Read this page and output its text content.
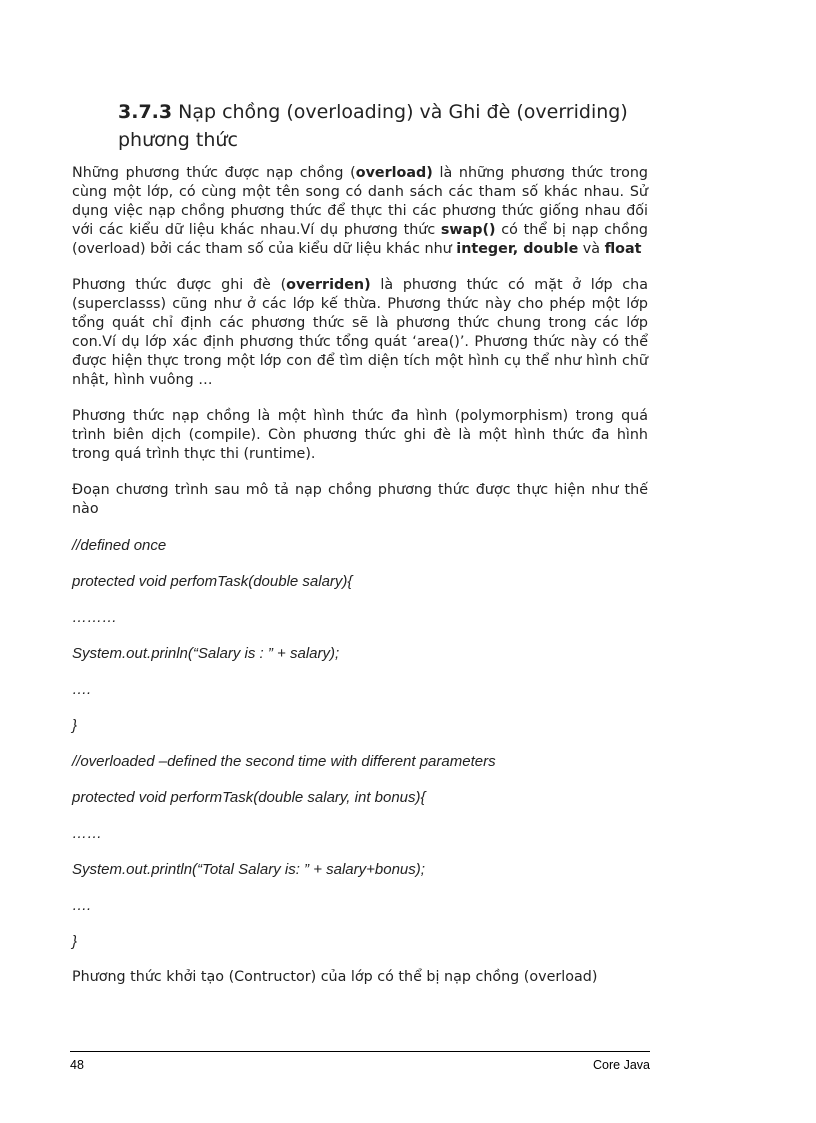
3.7.3 Nạp chồng (overloading) và Ghi đè (overriding) phương thức

Những phương thức được nạp chồng (overload) là những phương thức trong cùng một lớp, có cùng một tên song có danh sách các tham số khác nhau. Sử dụng việc nạp chồng phương thức để thực thi các phương thức giống nhau đối với các kiểu dữ liệu khác nhau.Ví dụ phương thức swap() có thể bị nạp chồng (overload) bởi các tham số của kiểu dữ liệu khác như integer, double và float

Phương thức được ghi đè (overriden) là phương thức có mặt ở lớp cha (superclasss) cũng như ở các lớp kế thừa. Phương thức này cho phép một lớp tổng quát chỉ định các phương thức sẽ là phương thức chung trong các lớp con.Ví dụ lớp xác định phương thức tổng quát ‘area()’. Phương thức này có thể được hiện thực trong một lớp con để tìm diện tích một hình cụ thể như hình chữ nhật, hình vuông …

Phương thức nạp chồng là một hình thức đa hình (polymorphism) trong quá trình biên dịch (compile). Còn phương thức ghi đè là một hình thức đa hình trong quá trình thực thi (runtime).

Đoạn chương trình sau mô tả nạp chồng phương thức được thực hiện như thế nào

//defined once
protected void perfomTask(double salary){
………
System.out.prinln(“Salary is : ” + salary);
….
}
//overloaded –defined the second time with different parameters
protected void performTask(double salary, int bonus){
……
System.out.println(“Total Salary is: ” + salary+bonus);
….
}

Phương thức khởi tạo (Contructor) của lớp có thể bị nạp chồng (overload)

48	Core Java
